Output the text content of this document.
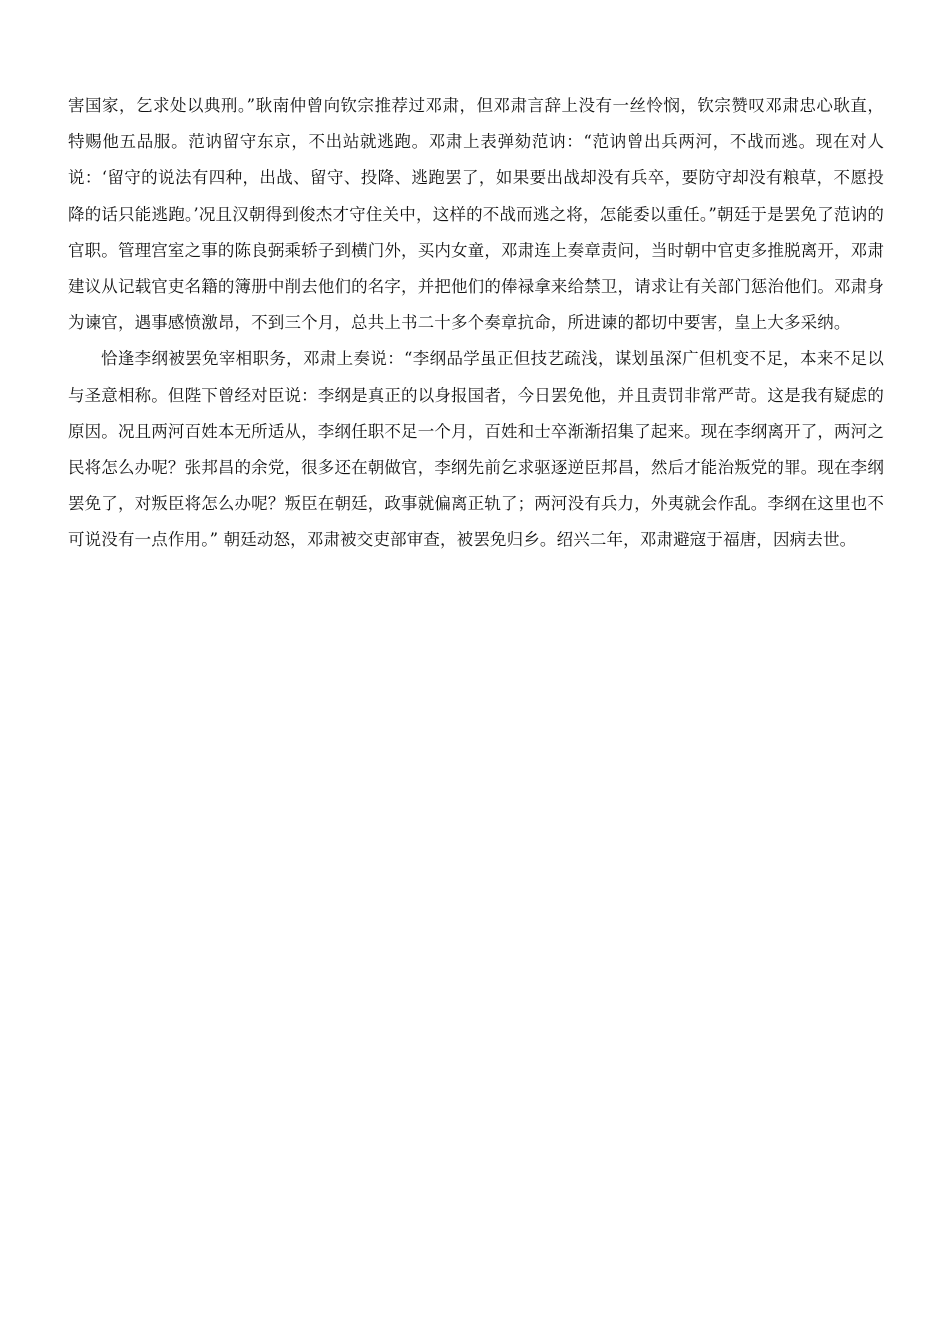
害国家，乞求处以典刑。”耿南仲曾向钦宗推荐过邓肃，但邓肃言辞上没有一丝怜悯，钦宗赞叹邓肃忠心耿直，特赐他五品服。范讷留守东京，不出站就逃跑。邓肃上表弹劾范讷：“范讷曾出兵两河，不战而逃。现在对人说：‘留守的说法有四种，出战、留守、投降、逃跑罢了，如果要出战却没有兵卒，要防守却没有粮草，不愿投降的话只能逃跑。’况且汉朝得到俊杰才守住关中，这样的不战而逃之将，怎能委以重任。”朝廷于是罢免了范讷的官职。管理宫室之事的陈良弼乘轿子到横门外，买内女童，邓肃连上奏章责问，当时朝中官吏多推脱离开，邓肃建议从记载官吏名籍的簿册中削去他们的名字，并把他们的俸禄拿来给禁卫，请求让有关部门惩治他们。邓肃身为谏官，遇事感愤激昂，不到三个月，总共上书二十多个奏章抗命，所进谏的都切中要害，皇上大多采纳。

恰逢李纲被罢免宰相职务，邓肃上奏说：“李纲品学虽正但技艺疏浅，谋划虽深广但机变不足，本来不足以与圣意相称。但陛下曾经对臣说：李纲是真正的以身报国者，今日罢免他，并且责罚非常严苛。这是我有疑虑的原因。况且两河百姓本无所适从，李纲任职不足一个月，百姓和士卒渐渐招集了起来。现在李纲离开了，两河之民将怎么办呢？张邦昌的余党，很多还在朝做官，李纲先前乞求驱逐逆臣邦昌，然后才能治叛党的罪。现在李纲罢免了，对叛臣将怎么办呢？叛臣在朝廷，政事就偏离正轨了；两河没有兵力，外夷就会作乱。李纲在这里也不可说没有一点作用。” 朝廷动怒，邓肃被交吏部审查，被罢免归乡。绍兴二年，邓肃避寇于福唐，因病去世。
